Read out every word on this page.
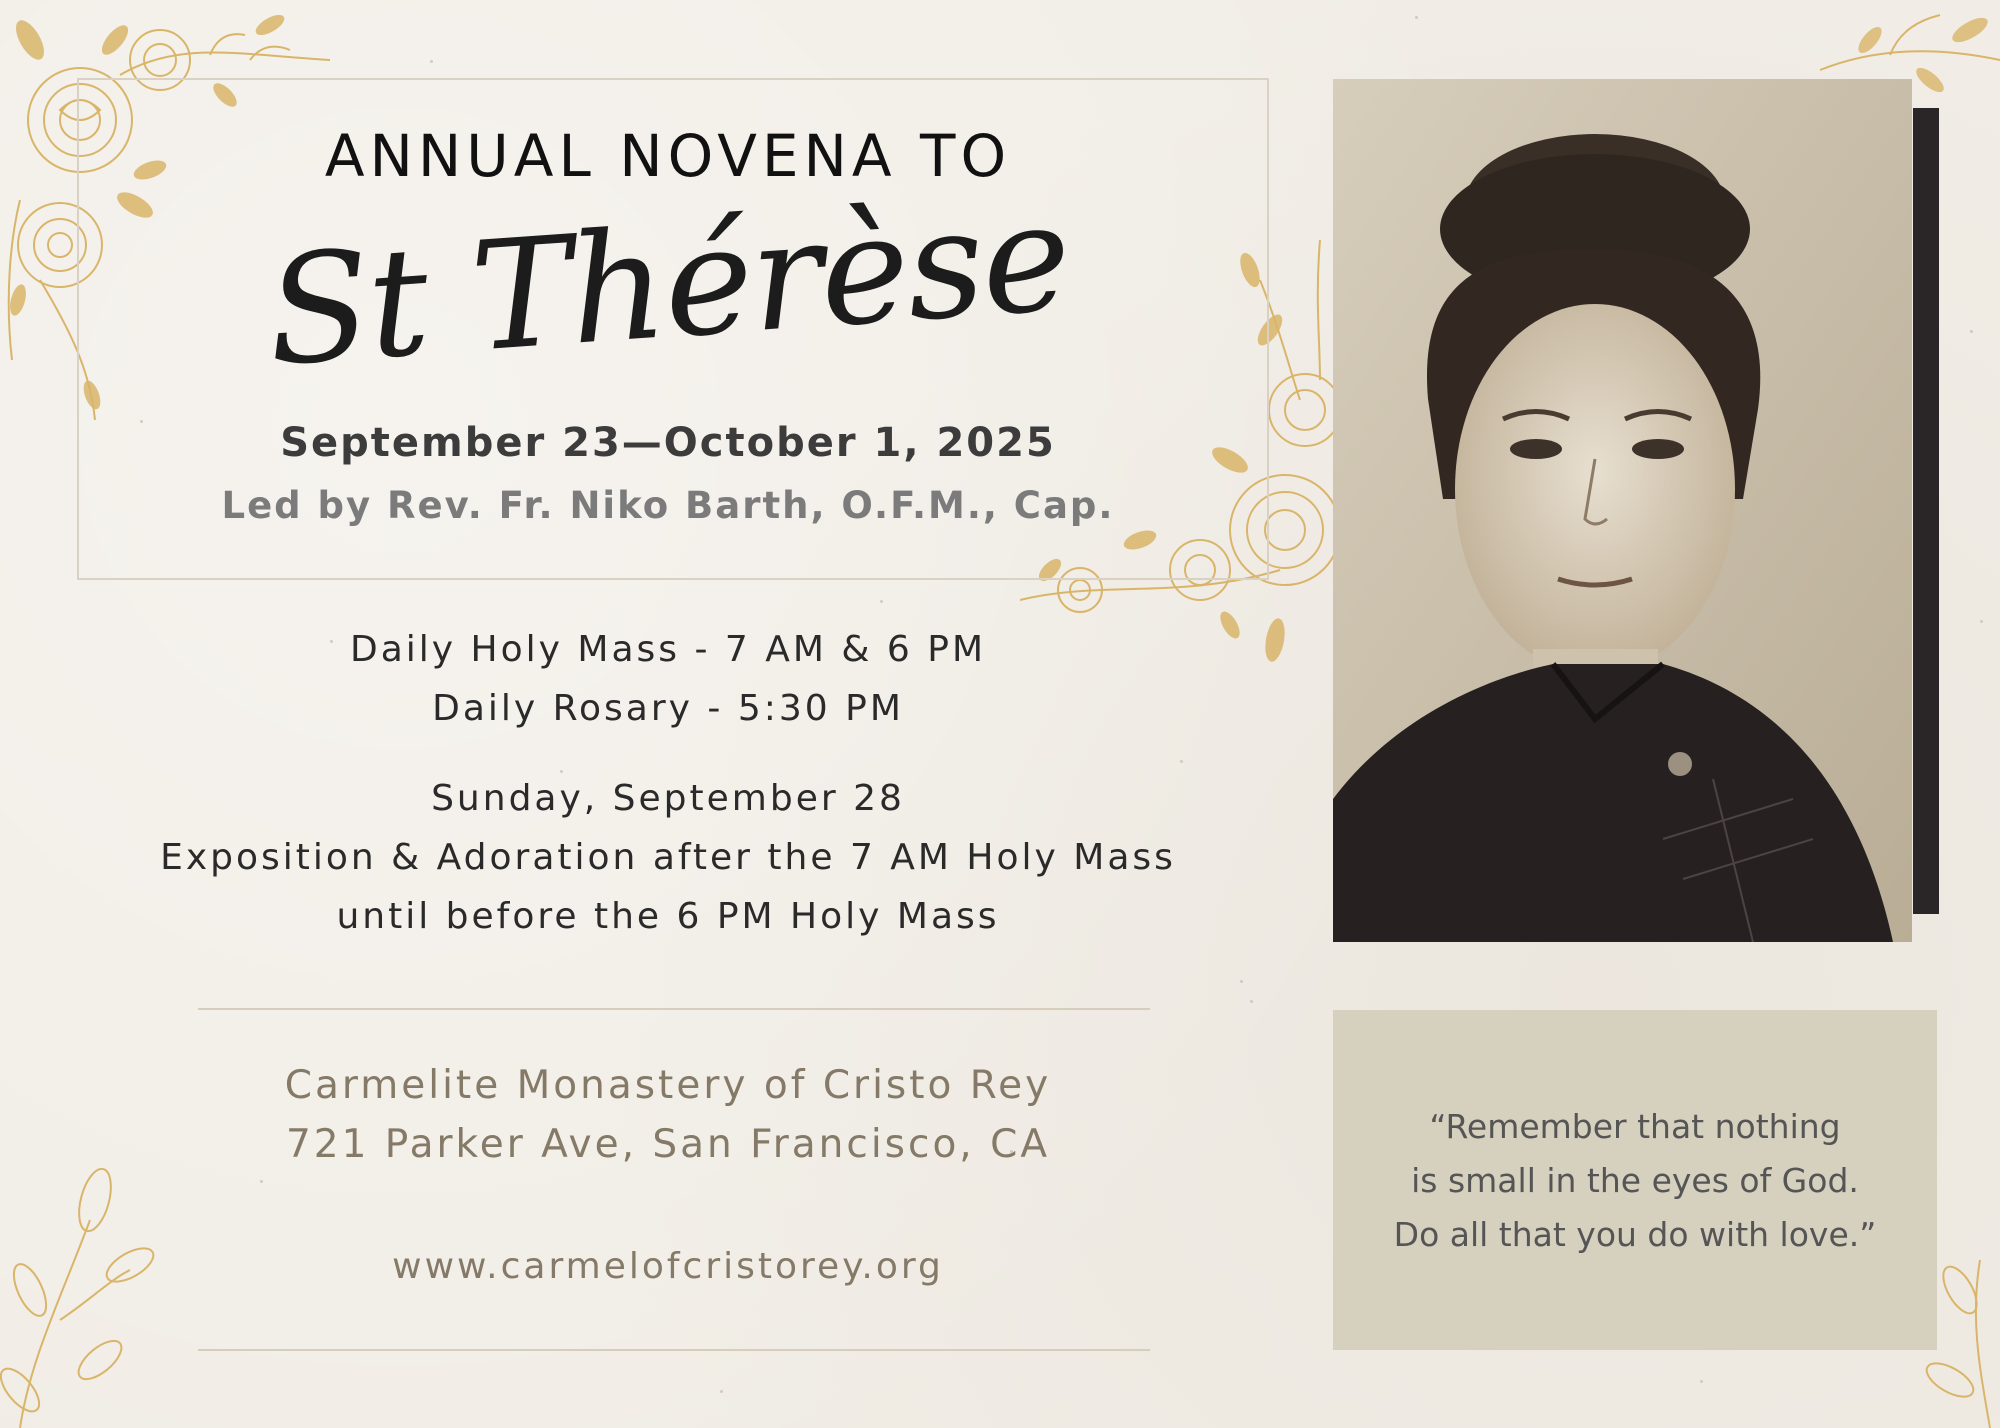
ANNUAL NOVENA TO
St Thérèse
September 23—October 1, 2025
Led by Rev. Fr. Niko Barth, O.F.M., Cap.
Daily Holy Mass - 7 AM & 6 PM
Daily Rosary - 5:30 PM
Sunday, September 28
Exposition & Adoration after the 7 AM Holy Mass
until before the 6 PM Holy Mass
Carmelite Monastery of Cristo Rey
721 Parker Ave, San Francisco, CA
www.carmelofcristorey.org
“Remember that nothing
is small in the eyes of God.
Do all that you do with love.”
